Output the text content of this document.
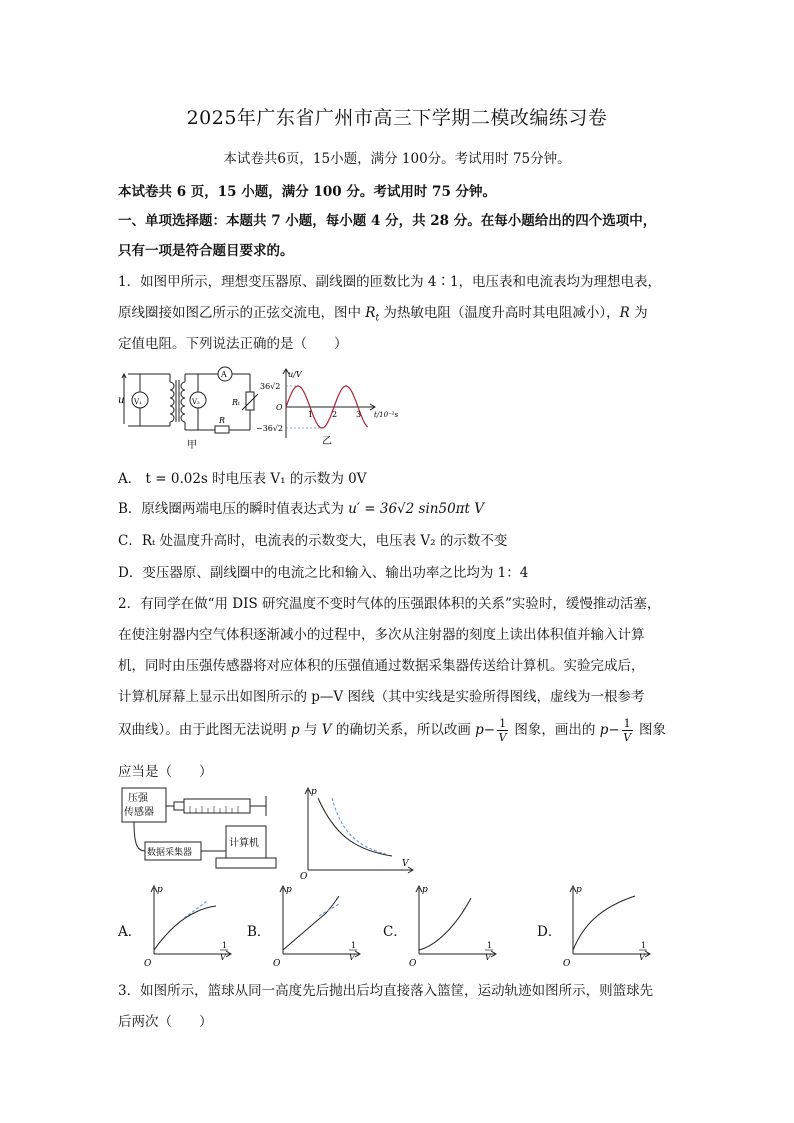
2025年广东省广州市高三下学期二模改编练习卷
本试卷共6页，15小题，满分 100分。考试用时 75分钟。
本试卷共 6 页，15 小题，满分 100 分。考试用时 75 分钟。
一、单项选择题：本题共 7 小题，每小题 4 分，共 28 分。在每小题给出的四个选项中，
只有一项是符合题目要求的。
1．如图甲所示，理想变压器原、副线圈的匝数比为 4∶1，电压表和电流表均为理想电表，
原线圈接如图乙所示的正弦交流电，图中 $R_t$ 为热敏电阻（温度升高时其电阻减小），R 为
定值电阻。下列说法正确的是（　　）
u V₁	V₂
A
Rₜ
R
甲
u/V
36√2
O
−36√2
1 2 3 t/10⁻²s
乙
A． t = 0.02s 时电压表 V₁ 的示数为 0V
B．原线圈两端电压的瞬时值表达式为 u′ = 36√2 sin50πt V
C．Rₜ 处温度升高时，电流表的示数变大，电压表 V₂ 的示数不变
D．变压器原、副线圈中的电流之比和输入、输出功率之比均为 1：4
2．有同学在做“用 DIS 研究温度不变时气体的压强跟体积的关系”实验时，缓慢推动活塞，
在使注射器内空气体积逐渐减小的过程中，多次从注射器的刻度上读出体积值并输入计算
机，同时由压强传感器将对应体积的压强值通过数据采集器传送给计算机。实验完成后，
计算机屏幕上显示出如图所示的 p—V 图线（其中实线是实验所得图线，虚线为一根参考
双曲线）。由于此图无法说明 p 与 V 的确切关系，所以改画 $p- \frac{1}{V}$ 图象，画出的 $p- \frac{1}{V}$ 图象
应当是（　　）
压强
传感器
数据采集器
计算机
p
V
O
A．
p
O
1
V
B．
p
O
1
V
C．
p
O
1
V
D．
p
O
1
V
3．如图所示，篮球从同一高度先后抛出后均直接落入篮筐，运动轨迹如图所示，则篮球先
后两次（　　）
